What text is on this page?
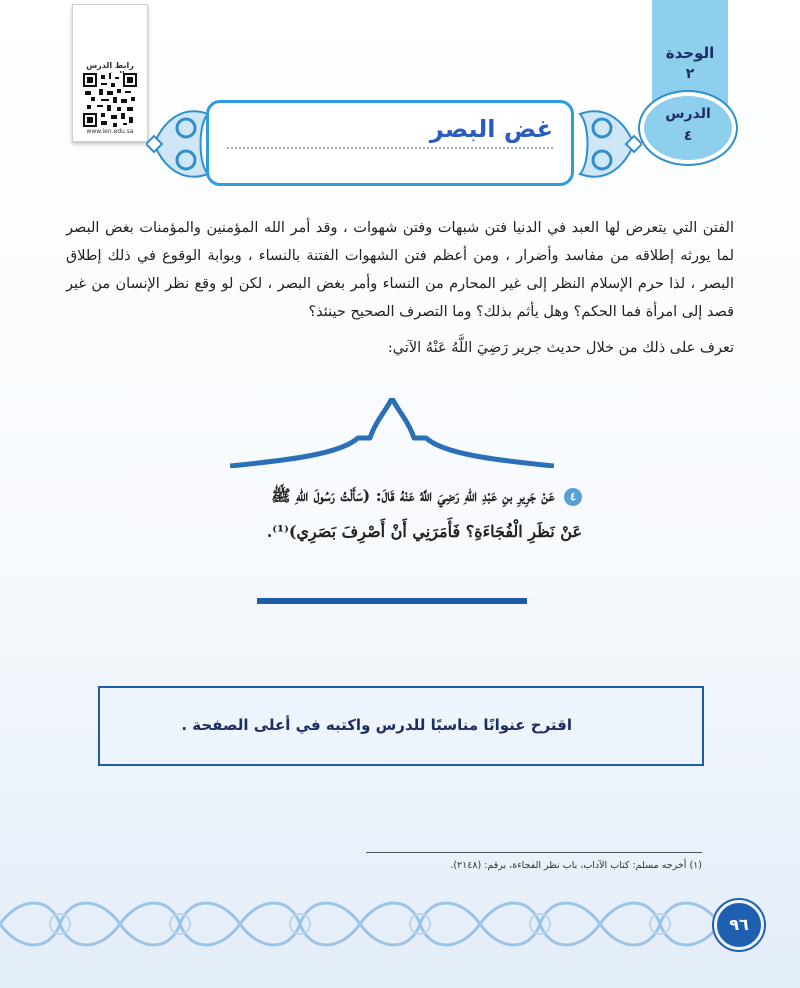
رابط الدرس
www.ien.edu.sa
الوحدة
٢
غض البصر
الدرس
٤

الفتن التي يتعرض لها العبد في الدنيا فتن شبهات وفتن شهوات ، وقد أمر الله المؤمنين والمؤمنات بغض البصر لما يورثه إطلاقه من مفاسد وأضرار ، ومن أعظم فتن الشهوات الفتنة بالنساء ، وبوابة الوقوع في ذلك إطلاق البصر ، لذا حرم الإسلام النظر إلى غير المحارم من النساء وأمر بغض البصر ، لكن لو وقع نظر الإنسان من غير قصد إلى امرأة فما الحكم؟ وهل يأثم بذلك؟ وما التصرف الصحيح حينئذ؟

تعرف على ذلك من خلال حديث جرير رَضِيَ اللَّهُ عَنْهُ الآتي:
٤ عَنْ جَرِيرِ بنِ عَبْدِ اللهِ رَضِيَ اللَّهُ عَنْهُ قَالَ: (سَأَلْتُ رَسُولَ اللهِ ﷺ
عَنْ نَظَرِ الْفُجَاءَةِ؟ فَأَمَرَنِي أَنْ أَصْرِفَ بَصَرِي)⁽¹⁾.
اقترح عنوانًا مناسبًا للدرس واكتبه في أعلى الصفحة .
(١) أخرجه مسلم: كتاب الآداب، باب نظر الفجاءة، برقم: (٢١٤٨).
٩٦
